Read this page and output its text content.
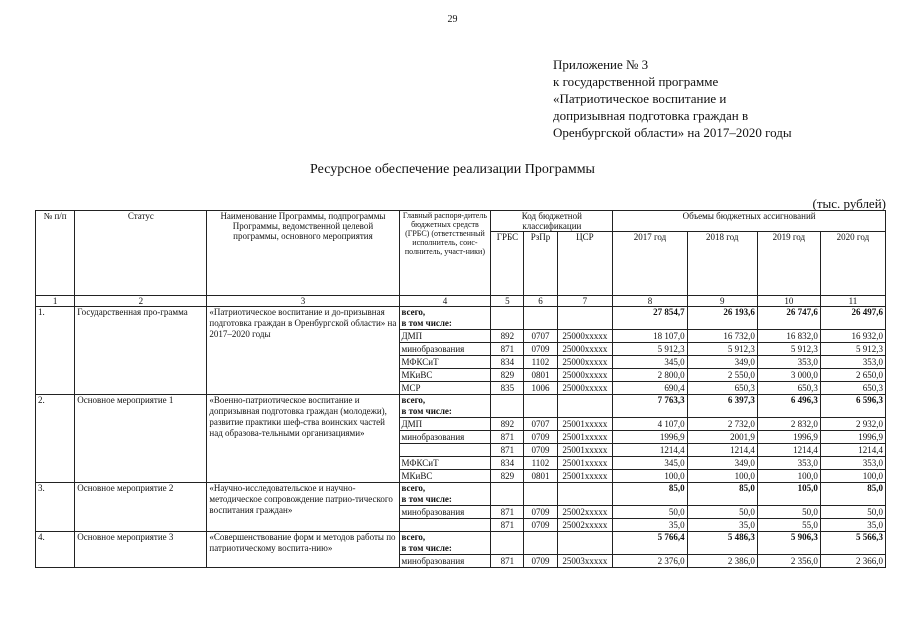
29
Приложение № 3
к государственной программе
«Патриотическое воспитание и
допризывная подготовка граждан в
Оренбургской области» на 2017–2020 годы
Ресурсное обеспечение реализации Программы
(тыс. рублей)
№ п/п	Статус	Наименование Программы, подпрограммы Программы, ведомственной целевой программы, основного мероприятия	Главный распоря-дитель бюджетных средств (ГРБС) (ответственный исполнитель, соис-полнитель, участ-ники)	Код бюджетной классификации			Объемы бюджетных ассигнований			
				ГРБС	РзПр	ЦСР	2017 год	2018 год	2019 год	2020 год
1	2	3	4	5	6	7	8	9	10	11
1.	Государственная про-грамма	«Патриотическое воспитание и до-призывная подготовка граждан в Оренбургской области» на 2017–2020 годы	всего,
в том числе:				27 854,7	26 193,6	26 747,6	26 497,6
			ДМП	892	0707	25000xxxxx	18 107,0	16 732,0	16 832,0	16 932,0
			минобразования	871	0709	25000xxxxx	5 912,3	5 912,3	5 912,3	5 912,3
			МФКСиТ	834	1102	25000xxxxx	345,0	349,0	353,0	353,0
			МКиВС	829	0801	25000xxxxx	2 800,0	2 550,0	3 000,0	2 650,0
			МСР	835	1006	25000xxxxx	690,4	650,3	650,3	650,3
2.	Основное мероприятие 1	«Военно-патриотическое воспитание и допризывная подготовка граждан (молодежи), развитие практики шеф-ства воинских частей над образова-тельными организациями»	всего,
в том числе:				7 763,3	6 397,3	6 496,3	6 596,3
			ДМП	892	0707	25001xxxxx	4 107,0	2 732,0	2 832,0	2 932,0
			минобразования	871	0709	25001xxxxx	1996,9	2001,9	1996,9	1996,9
				871	0709	25001xxxxx	1214,4	1214,4	1214,4	1214,4
			МФКСиТ	834	1102	25001xxxxx	345,0	349,0	353,0	353,0
			МКиВС	829	0801	25001xxxxx	100,0	100,0	100,0	100,0
3.	Основное мероприятие 2	«Научно-исследовательское и научно-методическое сопровождение патрио-тического воспитания граждан»	всего,
в том числе:				85,0	85,0	105,0	85,0
			минобразования	871	0709	25002xxxxx	50,0	50,0	50,0	50,0
				871	0709	25002xxxxx	35,0	35,0	55,0	35,0
4.	Основное мероприятие 3	«Совершенствование форм и методов работы по патриотическому воспита-нию»	всего,
в том числе:				5 766,4	5 486,3	5 906,3	5 566,3
			минобразования	871	0709	25003xxxxx	2 376,0	2 386,0	2 356,0	2 366,0
